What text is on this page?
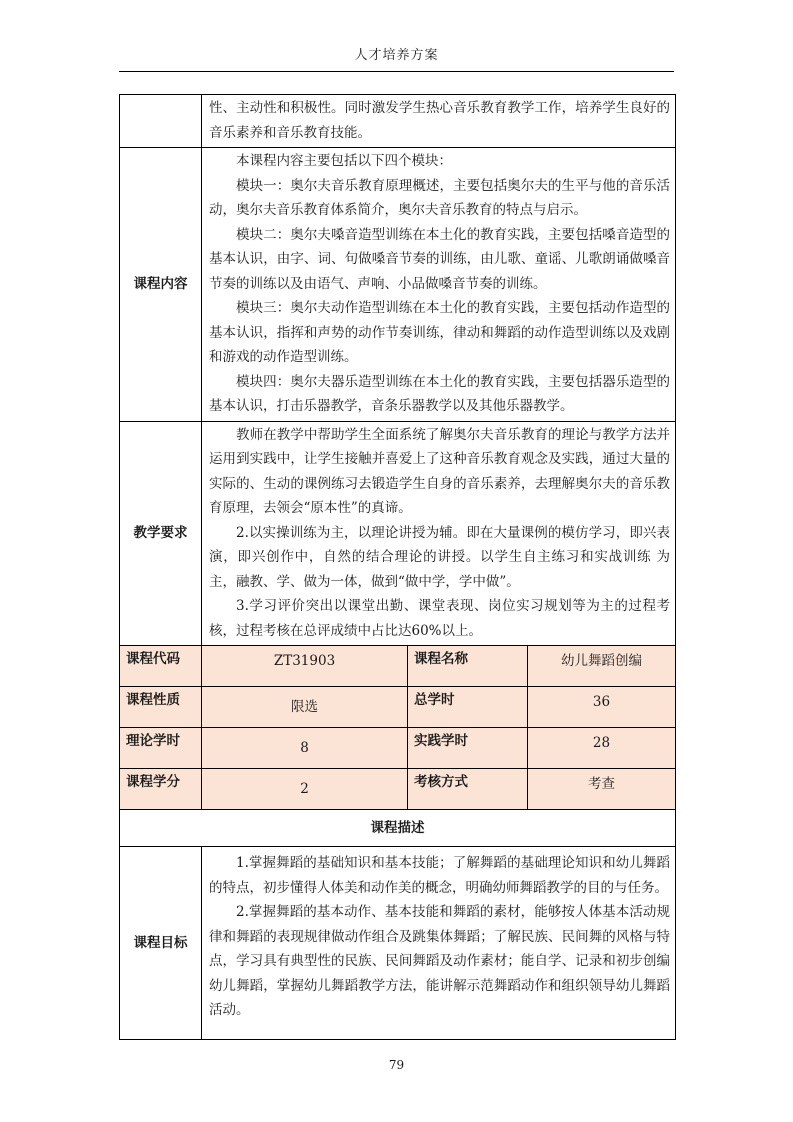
人才培养方案

	性、主动性和积极性。同时激发学生热心音乐教育教学工作，培养学生良好的音乐素养和音乐教育技能。		

课程内容	本课程内容主要包括以下四个模块：

模块一：奥尔夫音乐教育原理概述，主要包括奥尔夫的生平与他的音乐活动，奥尔夫音乐教育体系简介，奥尔夫音乐教育的特点与启示。

模块二：奥尔夫嗓音造型训练在本土化的教育实践，主要包括嗓音造型的基本认识，由字、词、句做嗓音节奏的训练，由儿歌、童谣、儿歌朗诵做嗓音节奏的训练以及由语气、声响、小品做嗓音节奏的训练。

模块三：奥尔夫动作造型训练在本土化的教育实践，主要包括动作造型的基本认识，指挥和声势的动作节奏训练，律动和舞蹈的动作造型训练以及戏剧和游戏的动作造型训练。

模块四：奥尔夫器乐造型训练在本土化的教育实践，主要包括器乐造型的基本认识，打击乐器教学，音条乐器教学以及其他乐器教学。		

教学要求	教师在教学中帮助学生全面系统了解奥尔夫音乐教育的理论与教学方法并运用到实践中，让学生接触并喜爱上了这种音乐教育观念及实践，通过大量的实际的、生动的课例练习去锻造学生自身的音乐素养，去理解奥尔夫的音乐教育原理，去领会“原本性”的真谛。

2.以实操训练为主，以理论讲授为辅。即在大量课例的模仿学习，即兴表演，即兴创作中，自然的结合理论的讲授。以学生自主练习和实战训练 为主，融教、学、做为一体，做到“做中学，学中做”。

3.学习评价突出以课堂出勤、课堂表现、岗位实习规划等为主的过程考核，过程考核在总评成绩中占比达60%以上。		

课程代码	ZT31903	课程名称	幼儿舞蹈创编
课程性质	限选	总学时	36
理论学时	8	实践学时	28
课程学分	2	考核方式	考查
课程描述			
课程目标	1.掌握舞蹈的基础知识和基本技能；了解舞蹈的基础理论知识和幼儿舞蹈的特点，初步懂得人体美和动作美的概念，明确幼师舞蹈教学的目的与任务。

2.掌握舞蹈的基本动作、基本技能和舞蹈的素材，能够按人体基本活动规律和舞蹈的表现规律做动作组合及跳集体舞蹈；了解民族、民间舞的风格与特点，学习具有典型性的民族、民间舞蹈及动作素材；能自学、记录和初步创编幼儿舞蹈，掌握幼儿舞蹈教学方法，能讲解示范舞蹈动作和组织领导幼儿舞蹈活动。		

79
